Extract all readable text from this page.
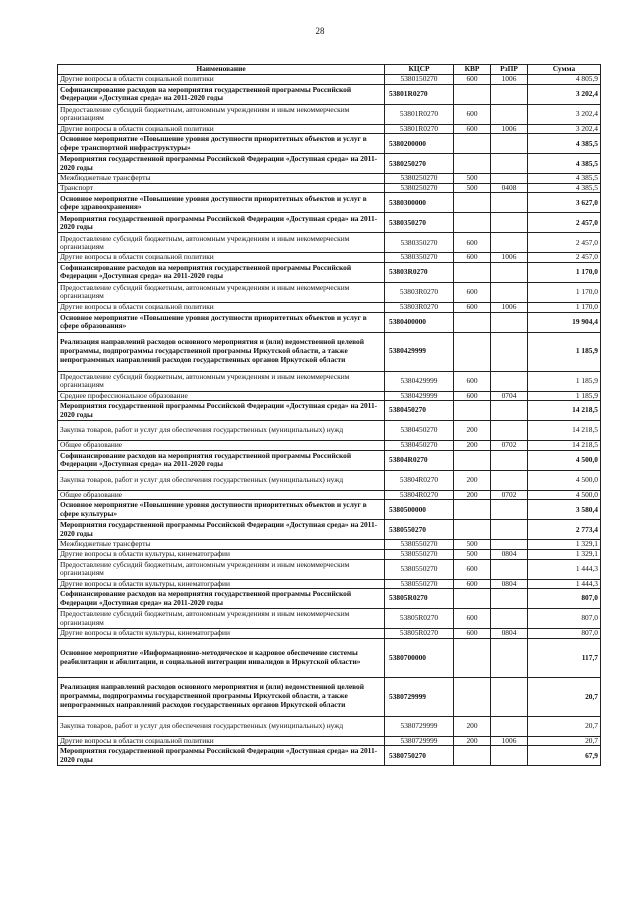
28
Наименование	КЦСР	КВР	РзПР	Сумма
Другие вопросы в области социальной политики	5380150270	600	1006	4 805,9
Софинансирование расходов на мероприятия государственной программы Российской Федерации «Доступная среда» на 2011-2020 годы	53801R0270			3 202,4
Предоставление субсидий бюджетным, автономным учреждениям и иным некоммерческим организациям	53801R0270	600		3 202,4
Другие вопросы в области социальной политики	53801R0270	600	1006	3 202,4
Основное мероприятие «Повышение уровня доступности приоритетных объектов и услуг в сфере транспортной инфраструктуры»	5380200000			4 385,5
Мероприятия государственной программы Российской Федерации «Доступная среда» на 2011-2020 годы	5380250270			4 385,5
Межбюджетные трансферты	5380250270	500		4 385,5
Транспорт	5380250270	500	0408	4 385,5
Основное мероприятие «Повышение уровня доступности приоритетных объектов и услуг в сфере здравоохранения»	5380300000			3 627,0
Мероприятия государственной программы Российской Федерации «Доступная среда» на 2011-2020 годы	5380350270			2 457,0
Предоставление субсидий бюджетным, автономным учреждениям и иным некоммерческим организациям	5380350270	600		2 457,0
Другие вопросы в области социальной политики	5380350270	600	1006	2 457,0
Софинансирование расходов на мероприятия государственной программы Российской Федерации «Доступная среда» на 2011-2020 годы	53803R0270			1 170,0
Предоставление субсидий бюджетным, автономным учреждениям и иным некоммерческим организациям	53803R0270	600		1 170,0
Другие вопросы в области социальной политики	53803R0270	600	1006	1 170,0
Основное мероприятие «Повышение уровня доступности приоритетных объектов и услуг в сфере образования»	5380400000			19 904,4
Реализация направлений расходов основного мероприятия и (или) ведомственной целевой программы, подпрограммы государственной программы Иркутской области, а также непрограммных направлений расходов государственных органов Иркутской области	5380429999			1 185,9
Предоставление субсидий бюджетным, автономным учреждениям и иным некоммерческим организациям	5380429999	600		1 185,9
Среднее профессиональное образование	5380429999	600	0704	1 185,9
Мероприятия государственной программы Российской Федерации «Доступная среда» на 2011-2020 годы	5380450270			14 218,5
Закупка товаров, работ и услуг для обеспечения государственных (муниципальных) нужд	5380450270	200		14 218,5
Общее образование	5380450270	200	0702	14 218,5
Софинансирование расходов на мероприятия государственной программы Российской Федерации «Доступная среда» на 2011-2020 годы	53804R0270			4 500,0
Закупка товаров, работ и услуг для обеспечения государственных (муниципальных) нужд	53804R0270	200		4 500,0
Общее образование	53804R0270	200	0702	4 500,0
Основное мероприятие «Повышение уровня доступности приоритетных объектов и услуг в сфере культуры»	5380500000			3 580,4
Мероприятия государственной программы Российской Федерации «Доступная среда» на 2011-2020 годы	5380550270			2 773,4
Межбюджетные трансферты	5380550270	500		1 329,1
Другие вопросы в области культуры, кинематографии	5380550270	500	0804	1 329,1
Предоставление субсидий бюджетным, автономным учреждениям и иным некоммерческим организациям	5380550270	600		1 444,3
Другие вопросы в области культуры, кинематографии	5380550270	600	0804	1 444,3
Софинансирование расходов на мероприятия государственной программы Российской Федерации «Доступная среда» на 2011-2020 годы	53805R0270			807,0
Предоставление субсидий бюджетным, автономным учреждениям и иным некоммерческим организациям	53805R0270	600		807,0
Другие вопросы в области культуры, кинематографии	53805R0270	600	0804	807,0
Основное мероприятие «Информационно-методическое и кадровое обеспечение системы реабилитации и абилитации, и социальной интеграции инвалидов в Иркутской области»	5380700000			117,7
Реализация направлений расходов основного мероприятия и (или) ведомственной целевой программы, подпрограммы государственной программы Иркутской области, а также непрограммных направлений расходов государственных органов Иркутской области	5380729999			20,7
Закупка товаров, работ и услуг для обеспечения государственных (муниципальных) нужд	5380729999	200		20,7
Другие вопросы в области социальной политики	5380729999	200	1006	20,7
Мероприятия государственной программы Российской Федерации «Доступная среда» на 2011-2020 годы	5380750270			67,9
